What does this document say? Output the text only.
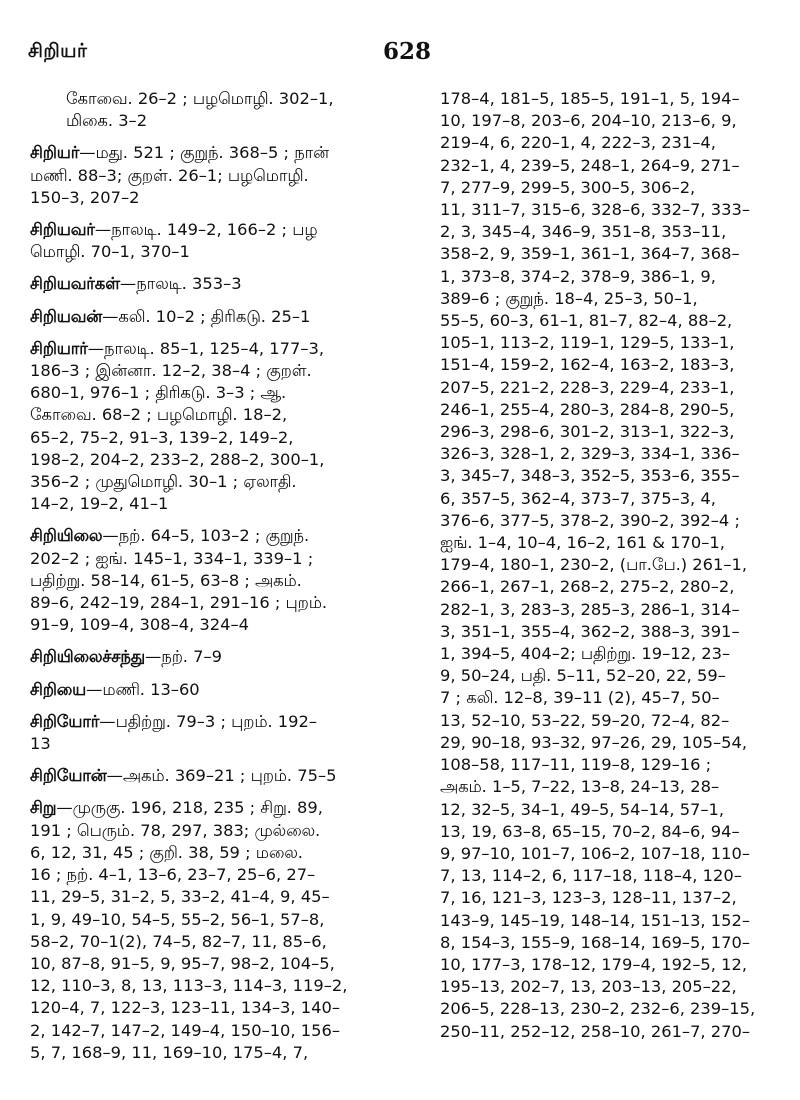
சிறியர்	628
கோவை. 26–2 ; பழமொழி. 302–1,
மிகை. 3–2
சிறியர்—மது. 521 ; குறுந். 368–5 ; நான்
மணி. 88–3; குறள். 26–1; பழமொழி.
150–3, 207–2
சிறியவர்—நாலடி. 149–2, 166–2 ; பழ
மொழி. 70–1, 370–1
சிறியவர்கள்—நாலடி. 353–3
சிறியவன்—கலி. 10–2 ; திரிகடு. 25–1
சிறியார்—நாலடி. 85–1, 125–4, 177–3,
186–3 ; இன்னா. 12–2, 38–4 ; குறள்.
680–1, 976–1 ; திரிகடு. 3–3 ; ஆ.
கோவை. 68–2 ; பழமொழி. 18–2,
65–2, 75–2, 91–3, 139–2, 149–2,
198–2, 204–2, 233–2, 288–2, 300–1,
356–2 ; முதுமொழி. 30–1 ; ஏலாதி.
14–2, 19–2, 41–1
சிறியிலை—நற். 64–5, 103–2 ; குறுந்.
202–2 ; ஐங். 145–1, 334–1, 339–1 ;
பதிற்று. 58–14, 61–5, 63–8 ; அகம்.
89–6, 242–19, 284–1, 291–16 ; புறம்.
91–9, 109–4, 308–4, 324–4
சிறியிலைச்சந்து—நற். 7–9
சிறியை—மணி. 13–60
சிறியோர்—பதிற்று. 79–3 ; புறம். 192–
13
சிறியோன்—அகம். 369–21 ; புறம். 75–5
சிறு—முருகு. 196, 218, 235 ; சிறு. 89,
191 ; பெரும். 78, 297, 383; முல்லை.
6, 12, 31, 45 ; குறி. 38, 59 ; மலை.
16 ; நற். 4–1, 13–6, 23–7, 25–6, 27–
11, 29–5, 31–2, 5, 33–2, 41–4, 9, 45–
1, 9, 49–10, 54–5, 55–2, 56–1, 57–8,
58–2, 70–1(2), 74–5, 82–7, 11, 85–6,
10, 87–8, 91–5, 9, 95–7, 98–2, 104–5,
12, 110–3, 8, 13, 113–3, 114–3, 119–2,
120–4, 7, 122–3, 123–11, 134–3, 140–
2, 142–7, 147–2, 149–4, 150–10, 156–
5, 7, 168–9, 11, 169–10, 175–4, 7,
178–4, 181–5, 185–5, 191–1, 5, 194–
10, 197–8, 203–6, 204–10, 213–6, 9,
219–4, 6, 220–1, 4, 222–3, 231–4,
232–1, 4, 239–5, 248–1, 264–9, 271–
7, 277–9, 299–5, 300–5, 306–2,
11, 311–7, 315–6, 328–6, 332–7, 333–
2, 3, 345–4, 346–9, 351–8, 353–11,
358–2, 9, 359–1, 361–1, 364–7, 368–
1, 373–8, 374–2, 378–9, 386–1, 9,
389–6 ; குறுந். 18–4, 25–3, 50–1,
55–5, 60–3, 61–1, 81–7, 82–4, 88–2,
105–1, 113–2, 119–1, 129–5, 133–1,
151–4, 159–2, 162–4, 163–2, 183–3,
207–5, 221–2, 228–3, 229–4, 233–1,
246–1, 255–4, 280–3, 284–8, 290–5,
296–3, 298–6, 301–2, 313–1, 322–3,
326–3, 328–1, 2, 329–3, 334–1, 336–
3, 345–7, 348–3, 352–5, 353–6, 355–
6, 357–5, 362–4, 373–7, 375–3, 4,
376–6, 377–5, 378–2, 390–2, 392–4 ;
ஐங். 1–4, 10–4, 16–2, 161 & 170–1,
179–4, 180–1, 230–2, (பா.பே.) 261–1,
266–1, 267–1, 268–2, 275–2, 280–2,
282–1, 3, 283–3, 285–3, 286–1, 314–
3, 351–1, 355–4, 362–2, 388–3, 391–
1, 394–5, 404–2; பதிற்று. 19–12, 23–
9, 50–24, பதி. 5–11, 52–20, 22, 59–
7 ; கலி. 12–8, 39–11 (2), 45–7, 50–
13, 52–10, 53–22, 59–20, 72–4, 82–
29, 90–18, 93–32, 97–26, 29, 105–54,
108–58, 117–11, 119–8, 129–16 ;
அகம். 1–5, 7–22, 13–8, 24–13, 28–
12, 32–5, 34–1, 49–5, 54–14, 57–1,
13, 19, 63–8, 65–15, 70–2, 84–6, 94–
9, 97–10, 101–7, 106–2, 107–18, 110–
7, 13, 114–2, 6, 117–18, 118–4, 120–
7, 16, 121–3, 123–3, 128–11, 137–2,
143–9, 145–19, 148–14, 151–13, 152–
8, 154–3, 155–9, 168–14, 169–5, 170–
10, 177–3, 178–12, 179–4, 192–5, 12,
195–13, 202–7, 13, 203–13, 205–22,
206–5, 228–13, 230–2, 232–6, 239–15,
250–11, 252–12, 258–10, 261–7, 270–
